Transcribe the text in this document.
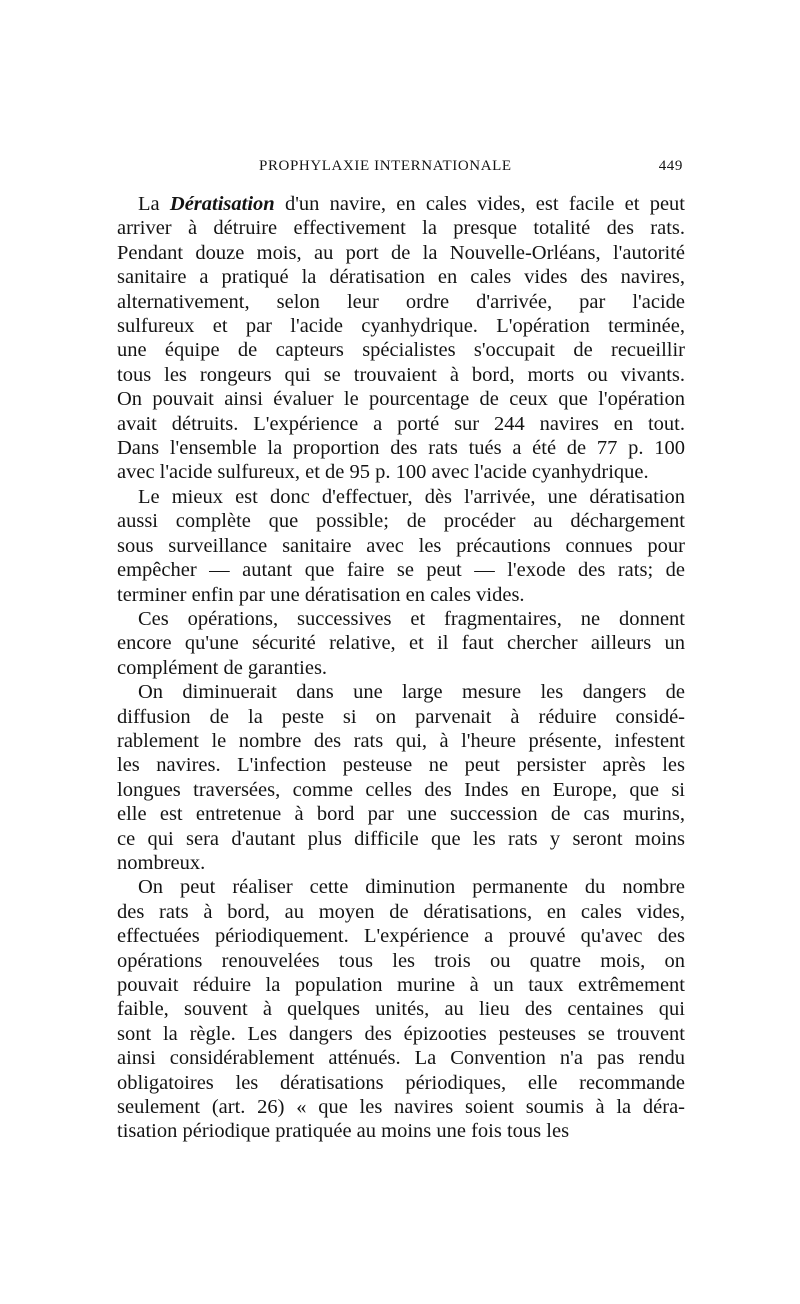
PROPHYLAXIE INTERNATIONALE	449
La Dératisation d'un navire, en cales vides, est facile et peut
arriver à détruire effectivement la presque totalité des rats.
Pendant douze mois, au port de la Nouvelle-Orléans, l'autorité
sanitaire a pratiqué la dératisation en cales vides des navires,
alternativement, selon leur ordre d'arrivée, par l'acide
sulfureux et par l'acide cyanhydrique. L'opération terminée,
une équipe de capteurs spécialistes s'occupait de recueillir
tous les rongeurs qui se trouvaient à bord, morts ou vivants.
On pouvait ainsi évaluer le pourcentage de ceux que l'opération
avait détruits. L'expérience a porté sur 244 navires en tout.
Dans l'ensemble la proportion des rats tués a été de 77 p. 100
avec l'acide sulfureux, et de 95 p. 100 avec l'acide cyanhydrique.
Le mieux est donc d'effectuer, dès l'arrivée, une dératisation
aussi complète que possible; de procéder au déchargement
sous surveillance sanitaire avec les précautions connues pour
empêcher — autant que faire se peut — l'exode des rats; de
terminer enfin par une dératisation en cales vides.
Ces opérations, successives et fragmentaires, ne donnent
encore qu'une sécurité relative, et il faut chercher ailleurs un
complément de garanties.
On diminuerait dans une large mesure les dangers de
diffusion de la peste si on parvenait à réduire considé-
rablement le nombre des rats qui, à l'heure présente, infestent
les navires. L'infection pesteuse ne peut persister après les
longues traversées, comme celles des Indes en Europe, que si
elle est entretenue à bord par une succession de cas murins,
ce qui sera d'autant plus difficile que les rats y seront moins
nombreux.
On peut réaliser cette diminution permanente du nombre
des rats à bord, au moyen de dératisations, en cales vides,
effectuées périodiquement. L'expérience a prouvé qu'avec des
opérations renouvelées tous les trois ou quatre mois, on
pouvait réduire la population murine à un taux extrêmement
faible, souvent à quelques unités, au lieu des centaines qui
sont la règle. Les dangers des épizooties pesteuses se trouvent
ainsi considérablement atténués. La Convention n'a pas rendu
obligatoires les dératisations périodiques, elle recommande
seulement (art. 26) « que les navires soient soumis à la déra-
tisation périodique pratiquée au moins une fois tous les
